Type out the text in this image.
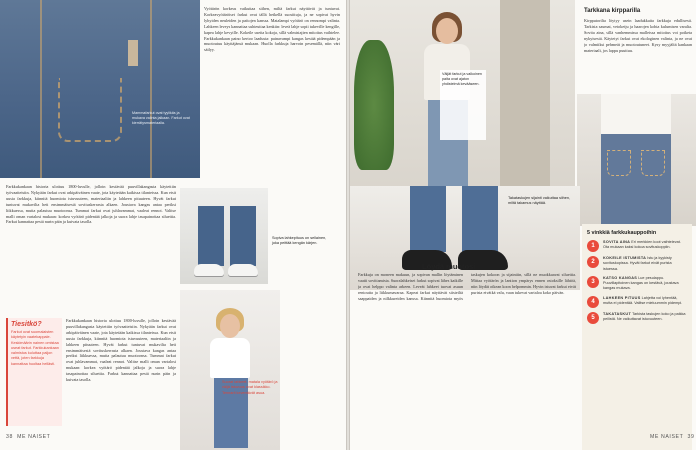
Mammafarkut ovat tyylikäs ja mukava valinta jalkaan. Farkut ovat kierrätysmateriaalia.

Farkkukankaan historia ulottuu 1800-luvulle, jolloin kestävää puuvillakangasta käytettiin työvaatteisiin. Nykyään farkut ovat arkipäiväinen vaate, jota käytetään kaikissa tilanteissa. Kun etsit uusia farkkuja, kiinnitä huomiota istuvuuteen, materiaaliin ja lahkeen pituuteen. Hyvät farkut tuntuvat mukavilta heti ensimmäisestä sovituskerrasta alkaen. Joustava kangas antaa periksi liikkuessa, mutta palautuu muotoonsa. Tummat farkut ovat juhlavammat, vaaleat rennot. Valitse malli oman vartalosi mukaan: korkea vyötärö pidentää jalkoja ja suora lahje tasapainottaa siluettia. Farkut kannattaa pestä nurin päin ja kuivata tasolla.

Tiesitkö?
Farkut ovat suomalaisten käytetyin vaatekappale. Keskimäärin nainen omistaa useat farkut. Farkkukankaan valmistus kuluttaa paljon vettä, joten farkkuja kannattaa huoltaa hellästi.

Farkkukankaan historia ulottuu 1800-luvulle, jolloin kestävää puuvillakangasta käytettiin työvaatteisiin. Nykyään farkut ovat arkipäiväinen vaate, jota käytetään kaikissa tilanteissa. Kun etsit uusia farkkuja, kiinnitä huomiota istuvuuteen, materiaaliin ja lahkeen pituuteen. Hyvät farkut tuntuvat mukavilta heti ensimmäisestä sovituskerrasta alkaen. Joustava kangas antaa periksi liikkuessa, mutta palautuu muotoonsa. Tummat farkut ovat juhlavammat, vaaleat rennot. Valitse malli oman vartalosi mukaan: korkea vyötärö pidentää jalkoja ja suora lahje tasapainottaa siluettia. Farkut kannattaa pestä nurin päin ja kuivata tasolla.

Vyötärön korkeus vaikuttaa siihen, miltä farkut näyttävät ja tuntuvat. Korkeavyötäröiset farkut ovat tällä hetkellä suosittuja, ja ne sopivat hyvin lyhyiden neuleiden ja paitojen kanssa. Matalampi vyötärö on rennompi valinta. Lahkeen leveys kannattaa suhteuttaa kenkiin: leveä lahje sopii tukeville kengille, kapea lahje kevyille. Kokeile useita kokoja, sillä valmistajien mitoitus vaihtelee. Farkkukankaan paino kertoo laadusta: painavampi kangas kestää pidempään ja muotoutuu käyttäjänsä mukaan. Huolla farkkuja harvoin pesemällä, niin väri säilyy.

Sopiva lahkepituus on sellainen, joka peittää kengän kärjen.
Suorat lahkeet, matala vyötärö ja väljä istuvuus ovat klassikko. Tennarit keventävät asua.
38 ME NAISET
Väljät farkut ja valkoinen paita ovat ajaton yhdistelmä kevääseen.
Tarkkana kirpparilla

Kirpputorilta löytyy usein laadukkaita farkkuja edullisesti. Tarkista saumat, vetoketju ja haarojen kohta kulumisen varalta. Sovita aina, sillä vanhemmissa malleissa mitoitus voi poiketa nykyisestä. Käytetyt farkut ovat ekologinen valinta, ja ne ovat jo valmiiksi pehmeät ja muotoutuneet. Kysy myyjältä kankaan materiaali, jos lappu puuttuu.

Takataskujen sijainti vaikuttaa siihen, miltä takamus näyttää.
Löydä muotosi

Farkkuja on moneen makuun, ja sopivan mallin löytäminen vaatii sovittamista. Suoralahkeiset farkut sopivat lähes kaikille ja ovat helppo valinta arkeen. Leveät lahkeet tuovat asuun rentoutta ja liikkumavaraa. Kapeat farkut näyttävät siisteiltä saappaiden ja nilkkureiden kanssa. Kiinnitä huomiota myös taskujen kokoon ja sijaintiin, sillä ne muokkaavat siluettia. Mittaa vyötärön ja lantion ympärys ennen ostoksille lähtöä, niin löydät oikean koon helpommin. Hyvin istuvat farkut eivät purista eivätkä valu, vaan tukevat vartaloa koko päivän.

5 vinkkiä farkkukauppoihin
1
SOVITA AINA Eri merkkien koot vaihtelevat. Ota mukaan kaksi kokoa sovituskoppiin.
2
KOKEILE ISTUMISTA Istu ja kyykisty sovituskopissa. Hyvät farkut eivät purista istuessa.
3
KATSO KANGAS Lue pesulappu. Puuvillapitoinen kangas on kestävä, joustava kangas mukava.
4
LAHKEEN PITUUS Lahjetta voi lyhentää, mutta ei pidentää. Valitse mieluummin pidempi.
5
TAKATASKUT Tarkista taskujen koko ja paikka peilistä. Ne vaikuttavat istuvuuteen.
ME NAISET 39
